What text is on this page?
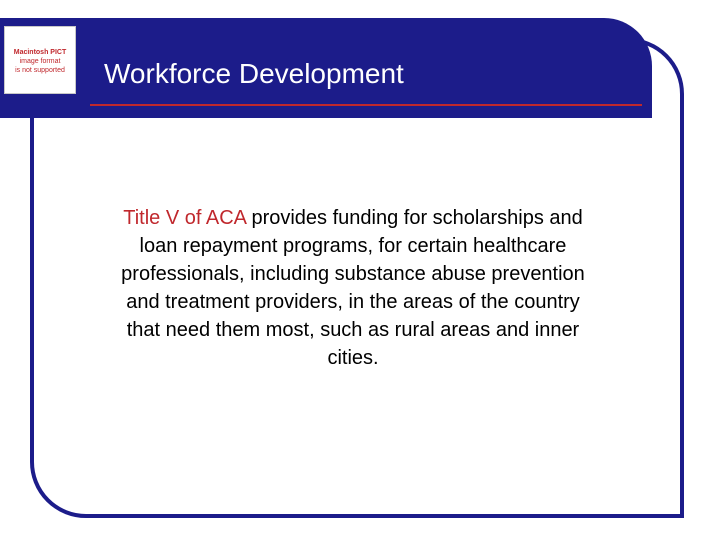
Macintosh PICT
image format
is not supported Workforce Development
Title V of ACA provides funding for scholarships and loan repayment programs, for certain healthcare professionals, including substance abuse prevention and treatment providers, in the areas of the country that need them most, such as rural areas and inner cities.
